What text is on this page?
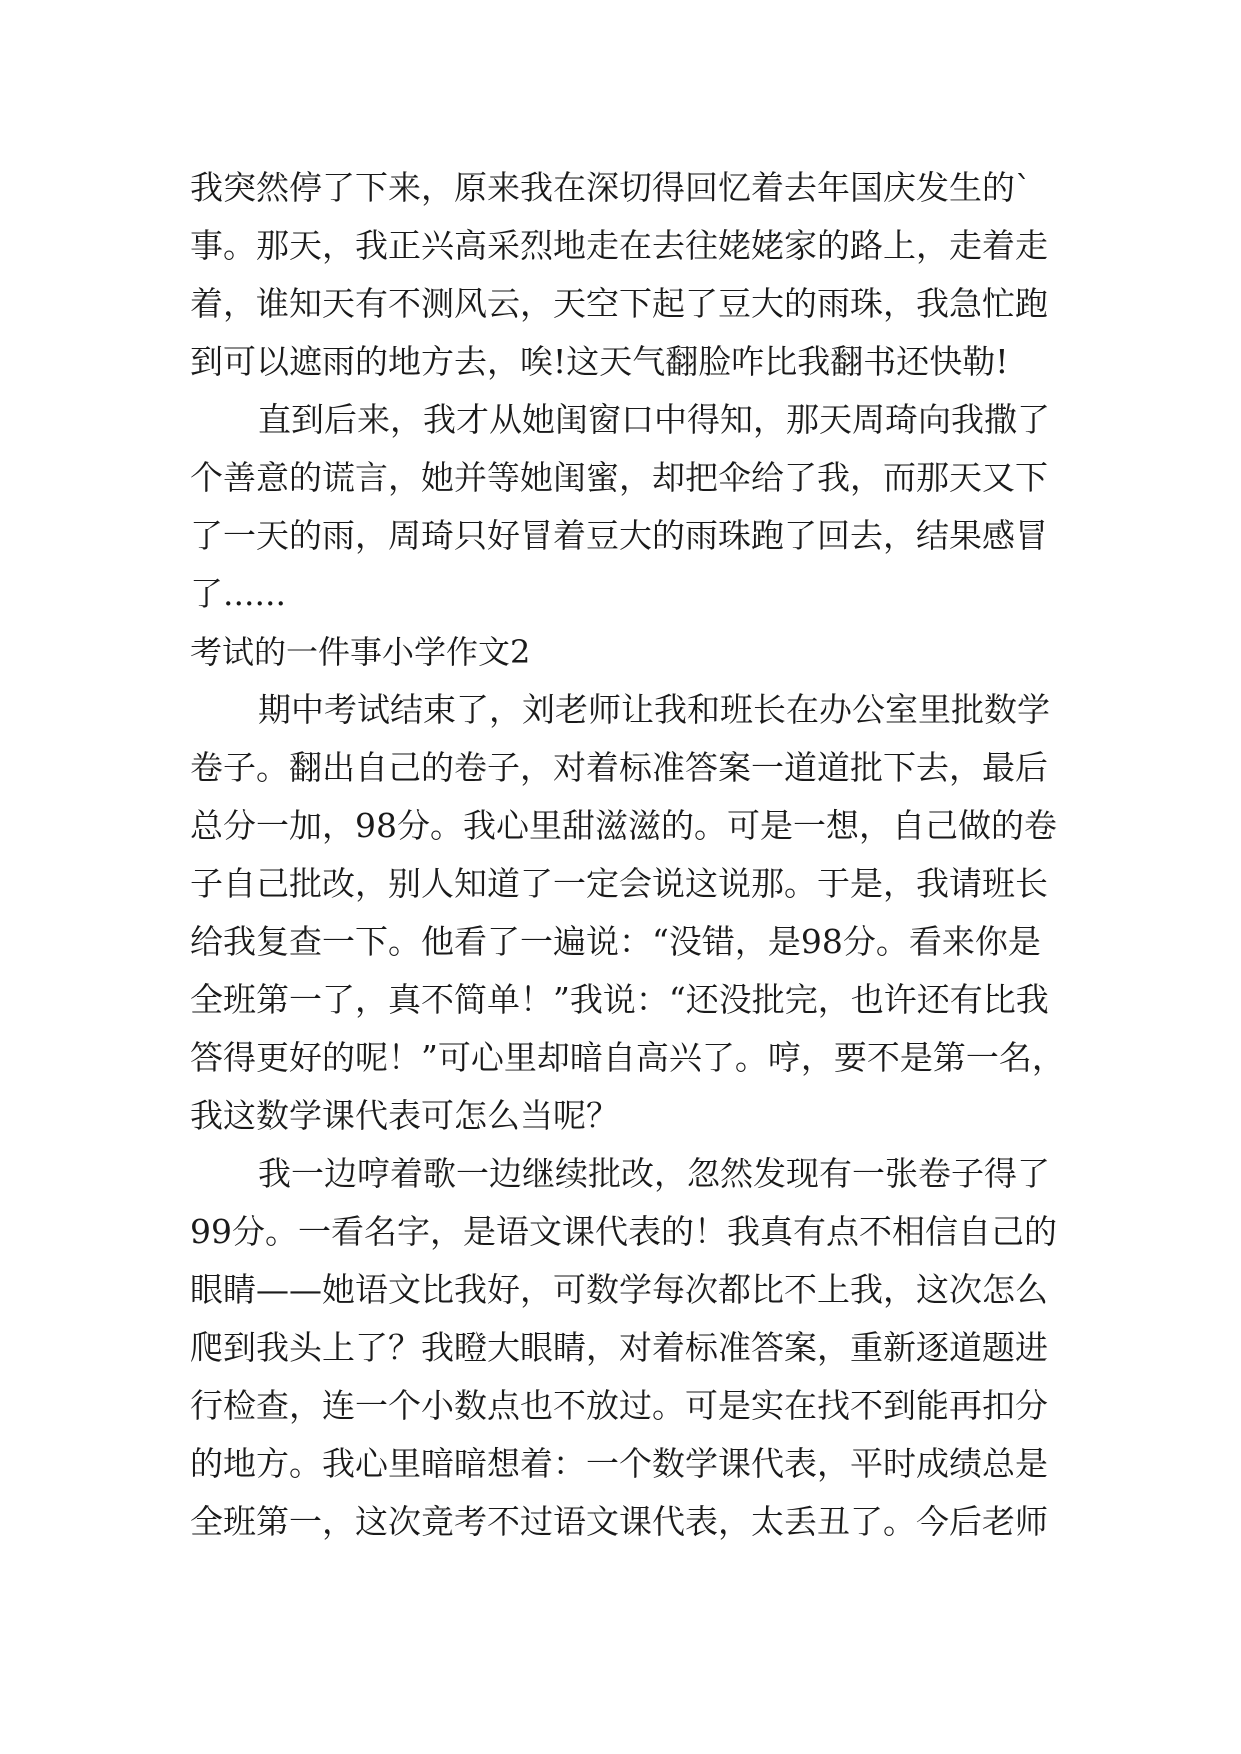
我突然停了下来，原来我在深切得回忆着去年国庆发生的`
事。那天，我正兴高采烈地走在去往姥姥家的路上，走着走
着，谁知天有不测风云，天空下起了豆大的雨珠，我急忙跑
到可以遮雨的地方去，唉!这天气翻脸咋比我翻书还快勒!
直到后来，我才从她闺窗口中得知，那天周琦向我撒了
个善意的谎言，她并等她闺蜜，却把伞给了我，而那天又下
了一天的雨，周琦只好冒着豆大的雨珠跑了回去，结果感冒
了......
考试的一件事小学作文2
期中考试结束了，刘老师让我和班长在办公室里批数学
卷子。翻出自己的卷子，对着标准答案一道道批下去，最后
总分一加，98分。我心里甜滋滋的。可是一想，自己做的卷
子自己批改，别人知道了一定会说这说那。于是，我请班长
给我复查一下。他看了一遍说：“没错，是98分。看来你是
全班第一了，真不简单！”我说：“还没批完，也许还有比我
答得更好的呢！”可心里却暗自高兴了。哼，要不是第一名，
我这数学课代表可怎么当呢？
我一边哼着歌一边继续批改，忽然发现有一张卷子得了
99分。一看名字，是语文课代表的！我真有点不相信自己的
眼睛——她语文比我好，可数学每次都比不上我，这次怎么
爬到我头上了？我瞪大眼睛，对着标准答案，重新逐道题进
行检查，连一个小数点也不放过。可是实在找不到能再扣分
的地方。我心里暗暗想着：一个数学课代表，平时成绩总是
全班第一，这次竟考不过语文课代表，太丢丑了。今后老师
